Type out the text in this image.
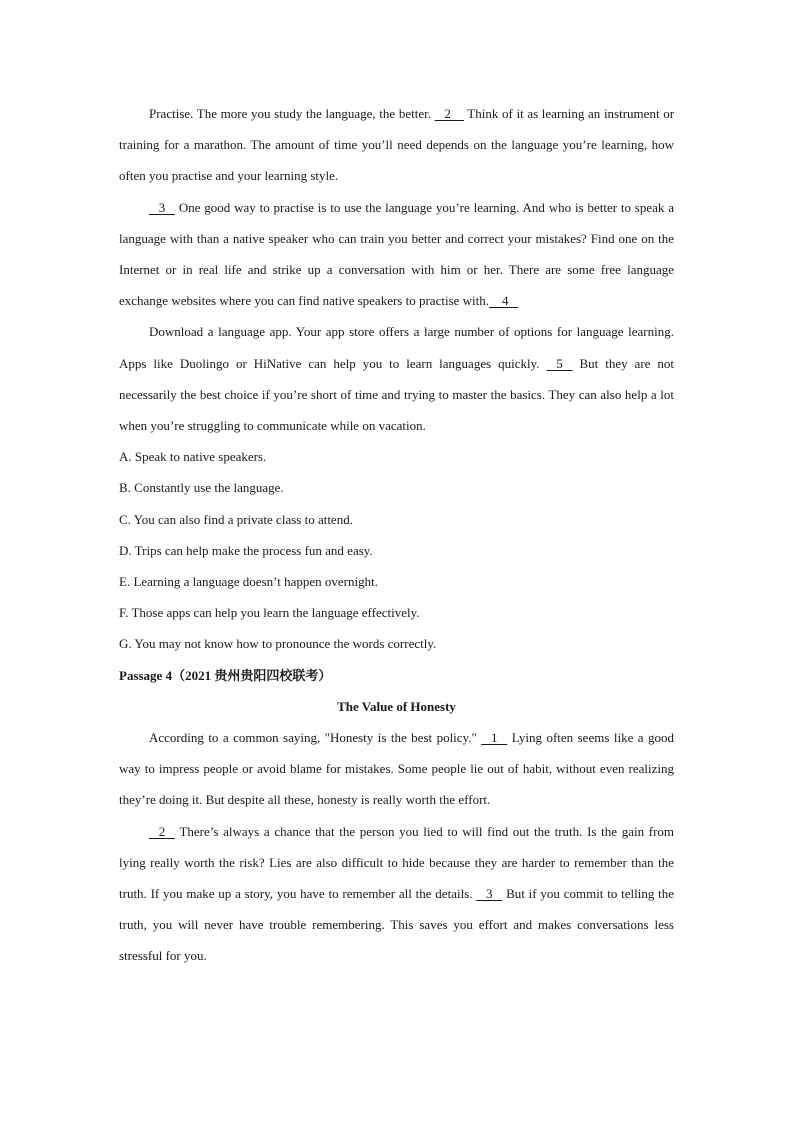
Practise. The more you study the language, the better. 2 Think of it as learning an instrument or training for a marathon. The amount of time you’ll need depends on the language you’re learning, how often you practise and your learning style.

3 One good way to practise is to use the language you’re learning. And who is better to speak a language with than a native speaker who can train you better and correct your mistakes? Find one on the Internet or in real life and strike up a conversation with him or her. There are some free language exchange websites where you can find native speakers to practise with. 4

Download a language app. Your app store offers a large number of options for language learning. Apps like Duolingo or HiNative can help you to learn languages quickly. 5 But they are not necessarily the best choice if you’re short of time and trying to master the basics. They can also help a lot when you’re struggling to communicate while on vacation.

A. Speak to native speakers.

B. Constantly use the language.

C. You can also find a private class to attend.

D. Trips can help make the process fun and easy.

E. Learning a language doesn’t happen overnight.

F. Those apps can help you learn the language effectively.

G. You may not know how to pronounce the words correctly.

Passage 4（2021 贵州贵阳四校联考）

The Value of Honesty

According to a common saying, "Honesty is the best policy." 1 Lying often seems like a good way to impress people or avoid blame for mistakes. Some people lie out of habit, without even realizing they’re doing it. But despite all these, honesty is really worth the effort.

2 There’s always a chance that the person you lied to will find out the truth. Is the gain from lying really worth the risk? Lies are also difficult to hide because they are harder to remember than the truth. If you make up a story, you have to remember all the details. 3 But if you commit to telling the truth, you will never have trouble remembering. This saves you effort and makes conversations less stressful for you.
